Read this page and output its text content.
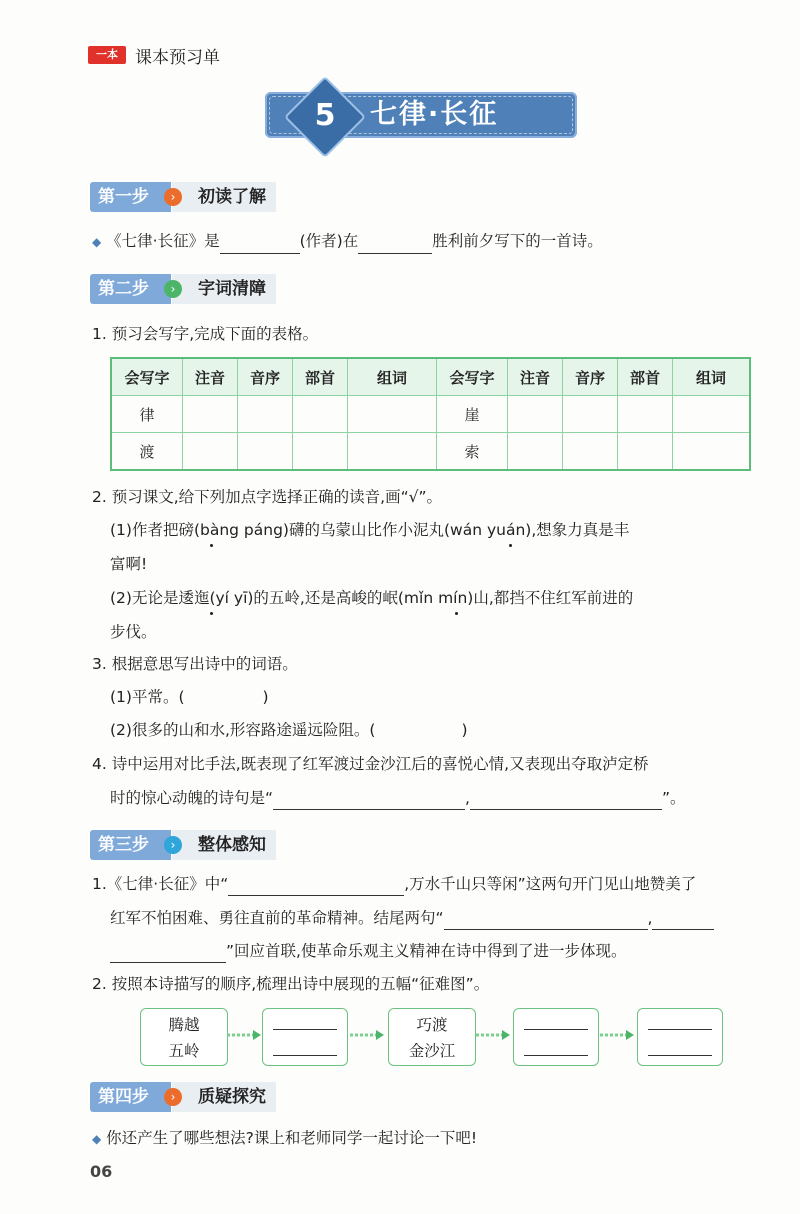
一本	课本预习单
5	七律·长征
第一步	初读了解
›
◆ 《七律·长征》是	(作者)在	胜利前夕写下的一首诗。
第二步	字词清障
›
1. 预习会写字,完成下面的表格。
会写字	注音	音序	部首	组词	会写字	注音	音序	部首	组词
律					崖				
渡					索				
2. 预习课文,给下列加点字选择正确的读音,画“√”。
(1)作者把磅(bàng páng)礴的乌蒙山比作小泥丸(wán yuán),想象力真是丰
富啊!
(2)无论是逶迤(yí yī)的五岭,还是高峻的岷(mǐn mín)山,都挡不住红军前进的
步伐。
3. 根据意思写出诗中的词语。
(1)平常。(	)
(2)很多的山和水,形容路途遥远险阻。(	)
4. 诗中运用对比手法,既表现了红军渡过金沙江后的喜悦心情,又表现出夺取泸定桥
时的惊心动魄的诗句是“	,	”。
第三步	整体感知
›
1.《七律·长征》中“	,万水千山只等闲”这两句开门见山地赞美了
红军不怕困难、勇往直前的革命精神。结尾两句“	,
”回应首联,使革命乐观主义精神在诗中得到了进一步体现。
2. 按照本诗描写的顺序,梳理出诗中展现的五幅“征难图”。
腾越
五岭
巧渡
金沙江
第四步	质疑探究
›
◆ 你还产生了哪些想法?课上和老师同学一起讨论一下吧!
06
